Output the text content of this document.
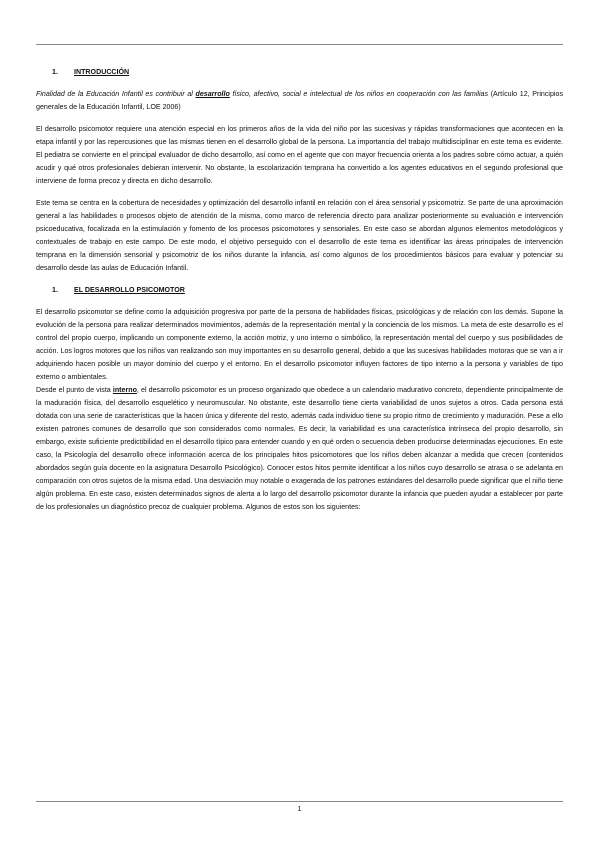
1. INTRODUCCIÓN

Finalidad de la Educación Infantil es contribuir al desarrollo físico, afectivo, social e intelectual de los niños en cooperación con las familias (Artículo 12, Principios generales de la Educación Infantil, LOE 2006)

El desarrollo psicomotor requiere una atención especial en los primeros años de la vida del niño por las sucesivas y rápidas transformaciones que acontecen en la etapa infantil y por las repercusiones que las mismas tienen en el desarrollo global de la persona. La importancia del trabajo multidisciplinar en este tema es evidente. El pediatra se convierte en el principal evaluador de dicho desarrollo, así como en el agente que con mayor frecuencia orienta a los padres sobre cómo actuar, a quién acudir y qué otros profesionales debieran intervenir. No obstante, la escolarización temprana ha convertido a los agentes educativos en el segundo profesional que interviene de forma precoz y directa en dicho desarrollo.

Este tema se centra en la cobertura de necesidades y optimización del desarrollo infantil en relación con el área sensorial y psicomotriz. Se parte de una aproximación general a las habilidades o procesos objeto de atención de la misma, como marco de referencia directo para analizar posteriormente su evaluación e intervención psicoeducativa, focalizada en la estimulación y fomento de los procesos psicomotores y sensoriales. En este caso se abordan algunos elementos metodológicos y contextuales de trabajo en este campo. De este modo, el objetivo perseguido con el desarrollo de este tema es identificar las áreas principales de intervención temprana en la dimensión sensorial y psicomotriz de los niños durante la infancia, así como algunos de los procedimientos básicos para evaluar y potenciar su desarrollo desde las aulas de Educación Infantil.

1. EL DESARROLLO PSICOMOTOR

El desarrollo psicomotor se define como la adquisición progresiva por parte de la persona de habilidades físicas, psicológicas y de relación con los demás. Supone la evolución de la persona para realizar determinados movimientos, además de la representación mental y la conciencia de los mismos. La meta de este desarrollo es el control del propio cuerpo, implicando un componente externo, la acción motriz, y uno interno o simbólico, la representación mental del cuerpo y sus posibilidades de acción. Los logros motores que los niños van realizando son muy importantes en su desarrollo general, debido a que las sucesivas habilidades motoras que se van a ir adquiriendo hacen posible un mayor dominio del cuerpo y el entorno. En el desarrollo psicomotor influyen factores de tipo interno a la persona y variables de tipo externo o ambientales.

Desde el punto de vista interno, el desarrollo psicomotor es un proceso organizado que obedece a un calendario madurativo concreto, dependiente principalmente de la maduración física, del desarrollo esquelético y neuromuscular. No obstante, este desarrollo tiene cierta variabilidad de unos sujetos a otros. Cada persona está dotada con una serie de características que la hacen única y diferente del resto, además cada individuo tiene su propio ritmo de crecimiento y maduración. Pese a ello existen patrones comunes de desarrollo que son considerados como normales. Es decir, la variabilidad es una característica intrínseca del propio desarrollo, sin embargo, existe suficiente predictibilidad en el desarrollo típico para entender cuando y en qué orden o secuencia deben producirse determinadas ejecuciones. En este caso, la Psicología del desarrollo ofrece información acerca de los principales hitos psicomotores que los niños deben alcanzar a medida que crecen (contenidos abordados según guía docente en la asignatura Desarrollo Psicológico). Conocer estos hitos permite identificar a los niños cuyo desarrollo se atrasa o se adelanta en comparación con otros sujetos de la misma edad. Una desviación muy notable o exagerada de los patrones estándares del desarrollo puede significar que el niño tiene algún problema. En este caso, existen determinados signos de alerta a lo largo del desarrollo psicomotor durante la infancia que pueden ayudar a establecer por parte de los profesionales un diagnóstico precoz de cualquier problema. Algunos de estos son los siguientes:

1
